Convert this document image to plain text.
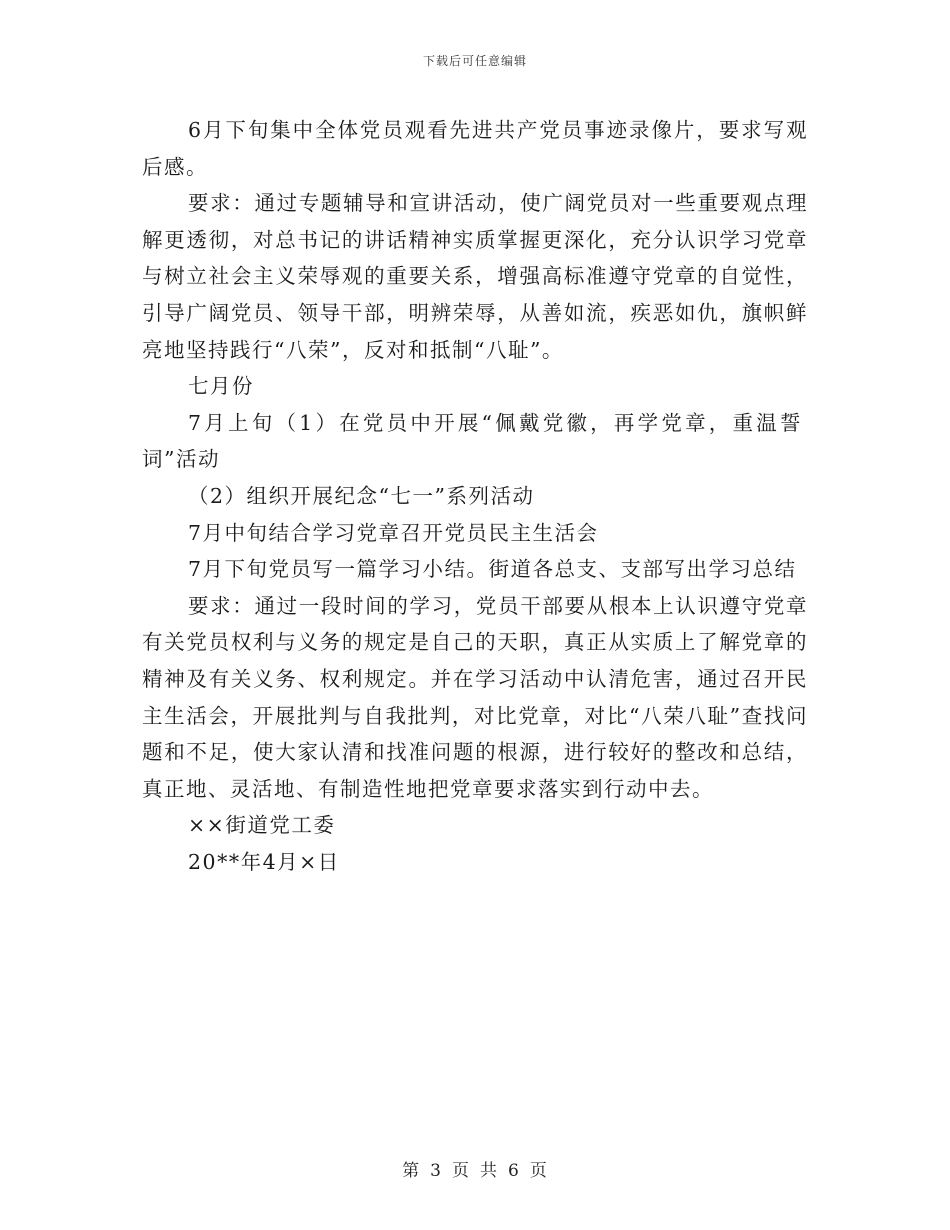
下载后可任意编辑

6月下旬集中全体党员观看先进共产党员事迹录像片，要求写观后感。

要求：通过专题辅导和宣讲活动，使广阔党员对一些重要观点理解更透彻，对总书记的讲话精神实质掌握更深化，充分认识学习党章与树立社会主义荣辱观的重要关系，增强高标准遵守党章的自觉性，引导广阔党员、领导干部，明辨荣辱，从善如流，疾恶如仇，旗帜鲜亮地坚持践行“八荣”，反对和抵制“八耻”。

七月份

7月上旬（1）在党员中开展“佩戴党徽，再学党章，重温誓词”活动

（2）组织开展纪念“七一”系列活动

7月中旬结合学习党章召开党员民主生活会

7月下旬党员写一篇学习小结。街道各总支、支部写出学习总结

要求：通过一段时间的学习，党员干部要从根本上认识遵守党章有关党员权利与义务的规定是自己的天职，真正从实质上了解党章的精神及有关义务、权利规定。并在学习活动中认清危害，通过召开民主生活会，开展批判与自我批判，对比党章，对比“八荣八耻”查找问题和不足，使大家认清和找准问题的根源，进行较好的整改和总结，真正地、灵活地、有制造性地把党章要求落实到行动中去。

××街道党工委

20**年4月×日

第 3 页 共 6 页
